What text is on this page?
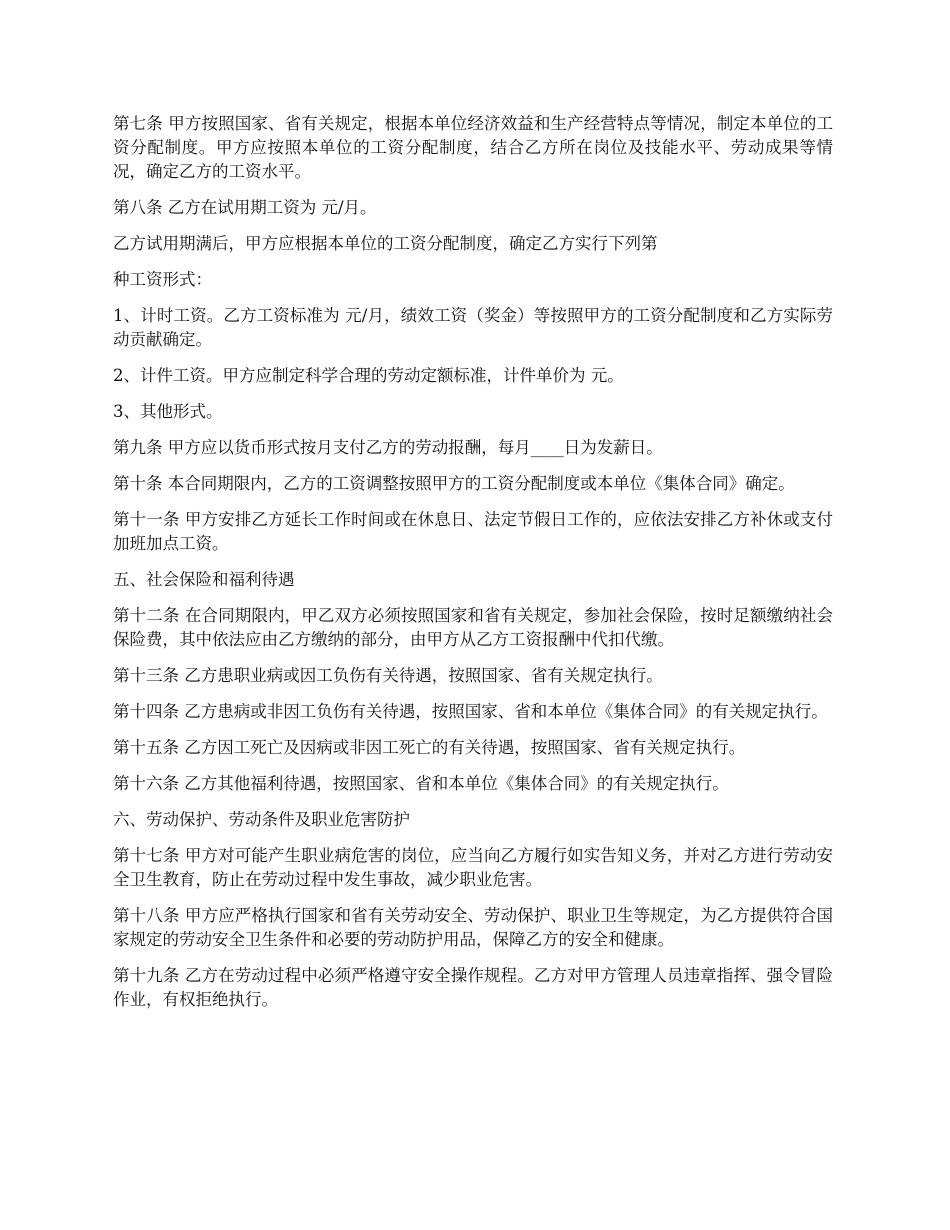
第七条 甲方按照国家、省有关规定，根据本单位经济效益和生产经营特点等情况，制定本单位的工资分配制度。甲方应按照本单位的工资分配制度，结合乙方所在岗位及技能水平、劳动成果等情况，确定乙方的工资水平。

第八条 乙方在试用期工资为 元/月。

乙方试用期满后，甲方应根据本单位的工资分配制度，确定乙方实行下列第

种工资形式：

1、计时工资。乙方工资标准为 元/月，绩效工资（奖金）等按照甲方的工资分配制度和乙方实际劳动贡献确定。

2、计件工资。甲方应制定科学合理的劳动定额标准，计件单价为 元。

3、其他形式。

第九条 甲方应以货币形式按月支付乙方的劳动报酬，每月____日为发薪日。

第十条 本合同期限内，乙方的工资调整按照甲方的工资分配制度或本单位《集体合同》确定。

第十一条 甲方安排乙方延长工作时间或在休息日、法定节假日工作的，应依法安排乙方补休或支付加班加点工资。

五、社会保险和福利待遇

第十二条 在合同期限内，甲乙双方必须按照国家和省有关规定，参加社会保险，按时足额缴纳社会保险费，其中依法应由乙方缴纳的部分，由甲方从乙方工资报酬中代扣代缴。

第十三条 乙方患职业病或因工负伤有关待遇，按照国家、省有关规定执行。

第十四条 乙方患病或非因工负伤有关待遇，按照国家、省和本单位《集体合同》的有关规定执行。

第十五条 乙方因工死亡及因病或非因工死亡的有关待遇，按照国家、省有关规定执行。

第十六条 乙方其他福利待遇，按照国家、省和本单位《集体合同》的有关规定执行。

六、劳动保护、劳动条件及职业危害防护

第十七条 甲方对可能产生职业病危害的岗位，应当向乙方履行如实告知义务，并对乙方进行劳动安全卫生教育，防止在劳动过程中发生事故，减少职业危害。

第十八条 甲方应严格执行国家和省有关劳动安全、劳动保护、职业卫生等规定，为乙方提供符合国家规定的劳动安全卫生条件和必要的劳动防护用品，保障乙方的安全和健康。

第十九条 乙方在劳动过程中必须严格遵守安全操作规程。乙方对甲方管理人员违章指挥、强令冒险作业，有权拒绝执行。
